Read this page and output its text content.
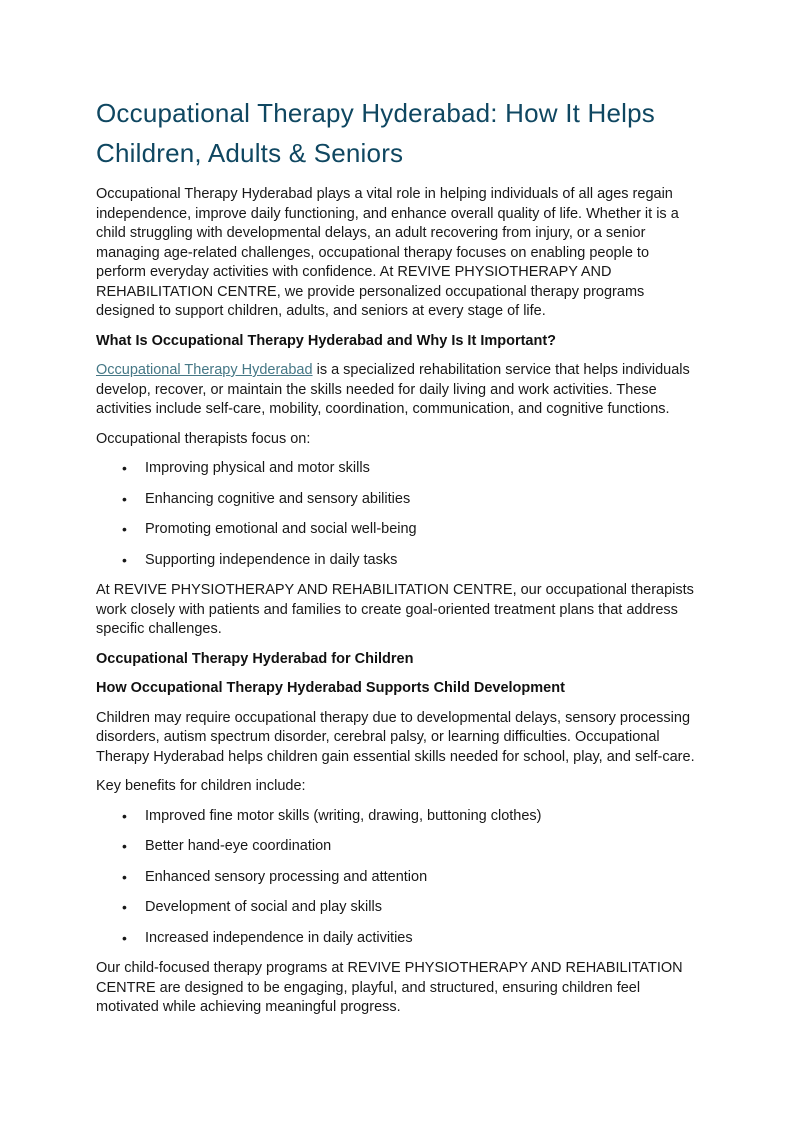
Occupational Therapy Hyderabad: How It Helps Children, Adults & Seniors

Occupational Therapy Hyderabad plays a vital role in helping individuals of all ages regain independence, improve daily functioning, and enhance overall quality of life. Whether it is a child struggling with developmental delays, an adult recovering from injury, or a senior managing age-related challenges, occupational therapy focuses on enabling people to perform everyday activities with confidence. At REVIVE PHYSIOTHERAPY AND REHABILITATION CENTRE, we provide personalized occupational therapy programs designed to support children, adults, and seniors at every stage of life.

What Is Occupational Therapy Hyderabad and Why Is It Important?

Occupational Therapy Hyderabad is a specialized rehabilitation service that helps individuals develop, recover, or maintain the skills needed for daily living and work activities. These activities include self-care, mobility, coordination, communication, and cognitive functions.

Occupational therapists focus on:

• Improving physical and motor skills
• Enhancing cognitive and sensory abilities
• Promoting emotional and social well-being
• Supporting independence in daily tasks

At REVIVE PHYSIOTHERAPY AND REHABILITATION CENTRE, our occupational therapists work closely with patients and families to create goal-oriented treatment plans that address specific challenges.

Occupational Therapy Hyderabad for Children

How Occupational Therapy Hyderabad Supports Child Development

Children may require occupational therapy due to developmental delays, sensory processing disorders, autism spectrum disorder, cerebral palsy, or learning difficulties. Occupational Therapy Hyderabad helps children gain essential skills needed for school, play, and self-care.

Key benefits for children include:

• Improved fine motor skills (writing, drawing, buttoning clothes)
• Better hand-eye coordination
• Enhanced sensory processing and attention
• Development of social and play skills
• Increased independence in daily activities

Our child-focused therapy programs at REVIVE PHYSIOTHERAPY AND REHABILITATION CENTRE are designed to be engaging, playful, and structured, ensuring children feel motivated while achieving meaningful progress.
